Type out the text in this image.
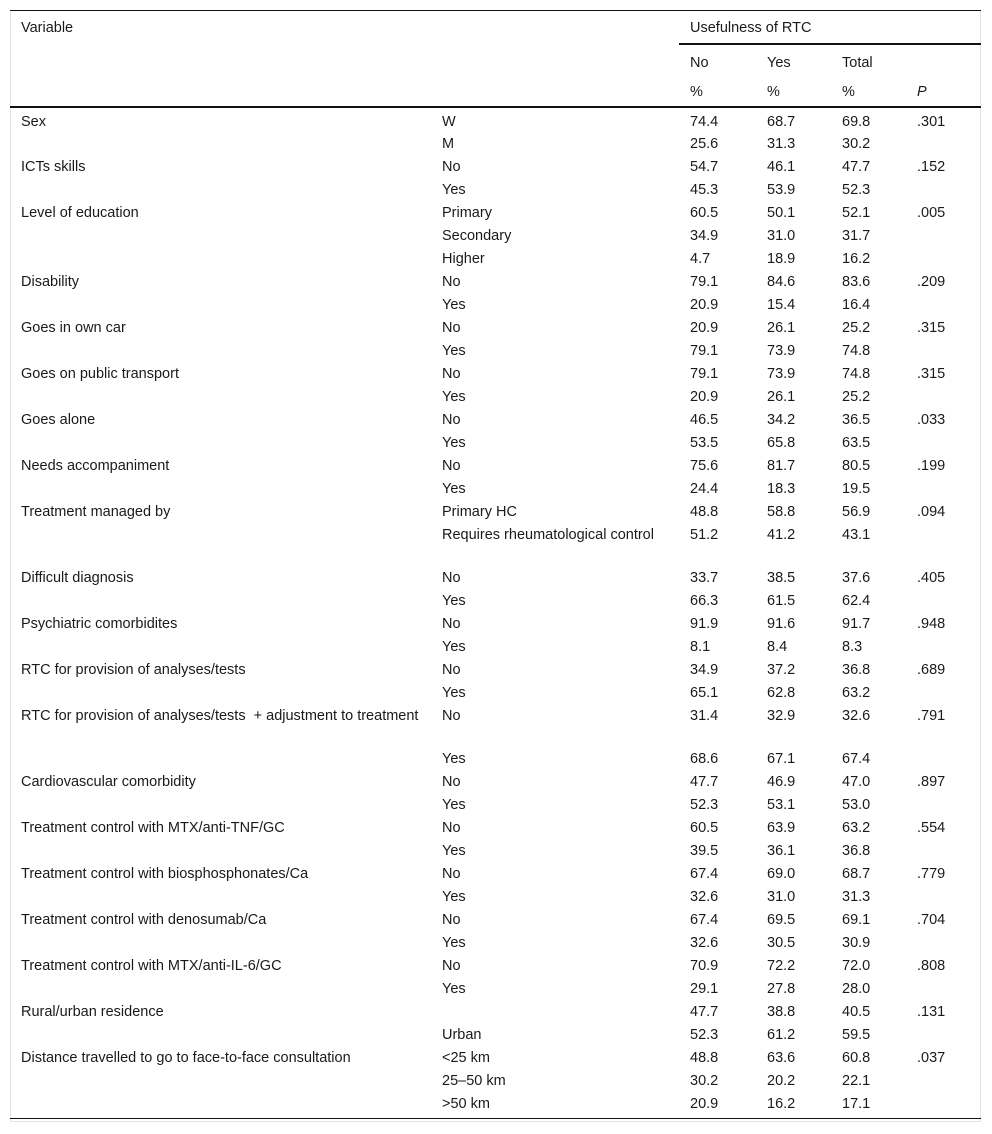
Variable		Usefulness of RTC			
		No	Yes	Total	
		%	%	%	P
Sex	W	74.4	68.7	69.8	.301
	M	25.6	31.3	30.2	
ICTs skills	No	54.7	46.1	47.7	.152
	Yes	45.3	53.9	52.3	
Level of education	Primary	60.5	50.1	52.1	.005
	Secondary	34.9	31.0	31.7	
	Higher	4.7	18.9	16.2	
Disability	No	79.1	84.6	83.6	.209
	Yes	20.9	15.4	16.4	
Goes in own car	No	20.9	26.1	25.2	.315
	Yes	79.1	73.9	74.8	
Goes on public transport	No	79.1	73.9	74.8	.315
	Yes	20.9	26.1	25.2	
Goes alone	No	46.5	34.2	36.5	.033
	Yes	53.5	65.8	63.5	
Needs accompaniment	No	75.6	81.7	80.5	.199
	Yes	24.4	18.3	19.5	
Treatment managed by	Primary HC	48.8	58.8	56.9	.094
	Requires rheumatological control	51.2	41.2	43.1	
Difficult diagnosis	No	33.7	38.5	37.6	.405
	Yes	66.3	61.5	62.4	
Psychiatric comorbidites	No	91.9	91.6	91.7	.948
	Yes	8.1	8.4	8.3	
RTC for provision of analyses/tests	No	34.9	37.2	36.8	.689
	Yes	65.1	62.8	63.2	
RTC for provision of analyses/tests  + adjustment to treatment	No	31.4	32.9	32.6	.791
	Yes	68.6	67.1	67.4	
Cardiovascular comorbidity	No	47.7	46.9	47.0	.897
	Yes	52.3	53.1	53.0	
Treatment control with MTX/anti-TNF/GC	No	60.5	63.9	63.2	.554
	Yes	39.5	36.1	36.8	
Treatment control with biosphosphonates/Ca	No	67.4	69.0	68.7	.779
	Yes	32.6	31.0	31.3	
Treatment control with denosumab/Ca	No	67.4	69.5	69.1	.704
	Yes	32.6	30.5	30.9	
Treatment control with MTX/anti-IL-6/GC	No	70.9	72.2	72.0	.808
	Yes	29.1	27.8	28.0	
Rural/urban residence		47.7	38.8	40.5	.131
	Urban	52.3	61.2	59.5	
Distance travelled to go to face-to-face consultation	<25 km	48.8	63.6	60.8	.037
	25–50 km	30.2	20.2	22.1	
	>50 km	20.9	16.2	17.1	
